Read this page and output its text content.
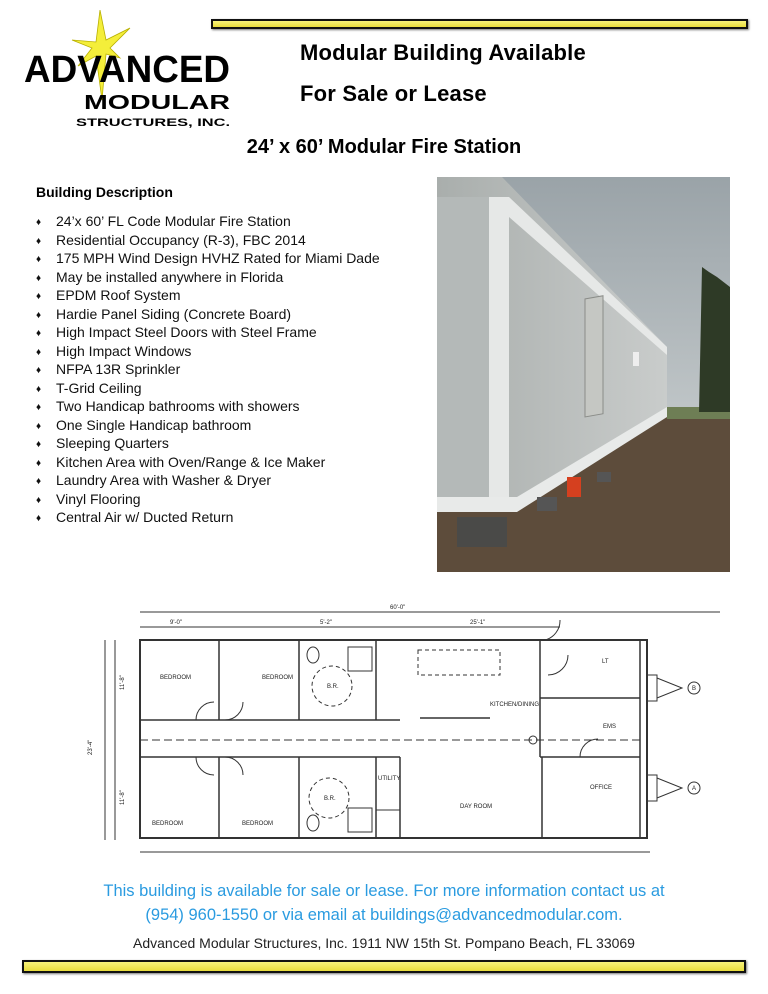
ADVANCED
MODULAR
STRUCTURES, INC.
Modular Building Available
For Sale or Lease
24’ x 60’ Modular Fire Station
Building Description
♦ 24’x 60’ FL Code Modular Fire Station
♦ Residential Occupancy (R-3), FBC 2014
♦ 175 MPH Wind Design HVHZ Rated for Miami Dade
♦ May be installed anywhere in Florida
♦ EPDM Roof System
♦ Hardie Panel Siding (Concrete Board)
♦ High Impact Steel Doors with Steel Frame
♦ High Impact Windows
♦ NFPA 13R Sprinkler
♦ T-Grid Ceiling
♦ Two Handicap bathrooms with showers
♦ One Single Handicap bathroom
♦ Sleeping Quarters
♦ Kitchen Area with Oven/Range & Ice Maker
♦ Laundry Area with Washer & Dryer
♦ Vinyl Flooring
♦ Central Air w/ Ducted Return
BEDROOM	BEDROOM
BEDROOM	BEDROOM
B.R.
B.R.
KITCHEN/DINING
DAY ROOM
OFFICE
EMS
UTILITY
LT
60'-0"
9'-0"	5'-2"	25'-1"
23'-4"
11'-8"
11'-8"
B
A
This building is available for sale or lease. For more information contact us at
(954) 960-1550 or via email at buildings@advancedmodular.com.
Advanced Modular Structures, Inc. 1911 NW 15th St. Pompano Beach, FL 33069
